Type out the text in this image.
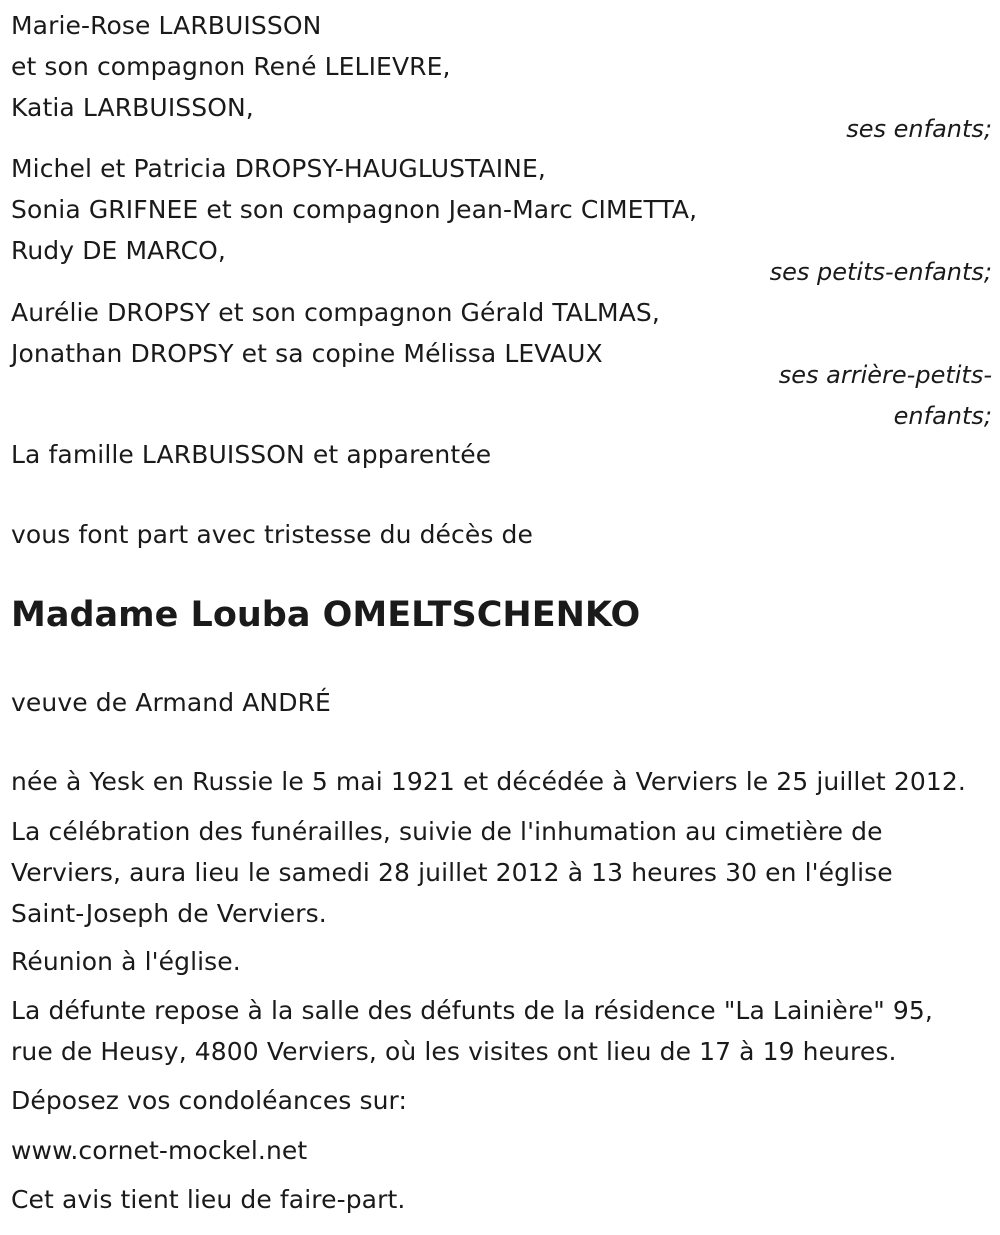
Marie-Rose LARBUISSON
et son compagnon René LELIEVRE,
Katia LARBUISSON,
ses enfants;
Michel et Patricia DROPSY-HAUGLUSTAINE,
Sonia GRIFNEE et son compagnon Jean-Marc CIMETTA,
Rudy DE MARCO,
ses petits-enfants;
Aurélie DROPSY et son compagnon Gérald TALMAS,
Jonathan DROPSY et sa copine Mélissa LEVAUX
ses arrière-petits-
enfants;
La famille LARBUISSON et apparentée
vous font part avec tristesse du décès de
Madame Louba OMELTSCHENKO
veuve de Armand ANDRÉ
née à Yesk en Russie le 5 mai 1921 et décédée à Verviers le 25 juillet 2012.
La célébration des funérailles, suivie de l'inhumation au cimetière de
Verviers, aura lieu le samedi 28 juillet 2012 à 13 heures 30 en l'église
Saint-Joseph de Verviers.
Réunion à l'église.
La défunte repose à la salle des défunts de la résidence "La Lainière" 95,
rue de Heusy, 4800 Verviers, où les visites ont lieu de 17 à 19 heures.
Déposez vos condoléances sur:
www.cornet-mockel.net
Cet avis tient lieu de faire-part.
